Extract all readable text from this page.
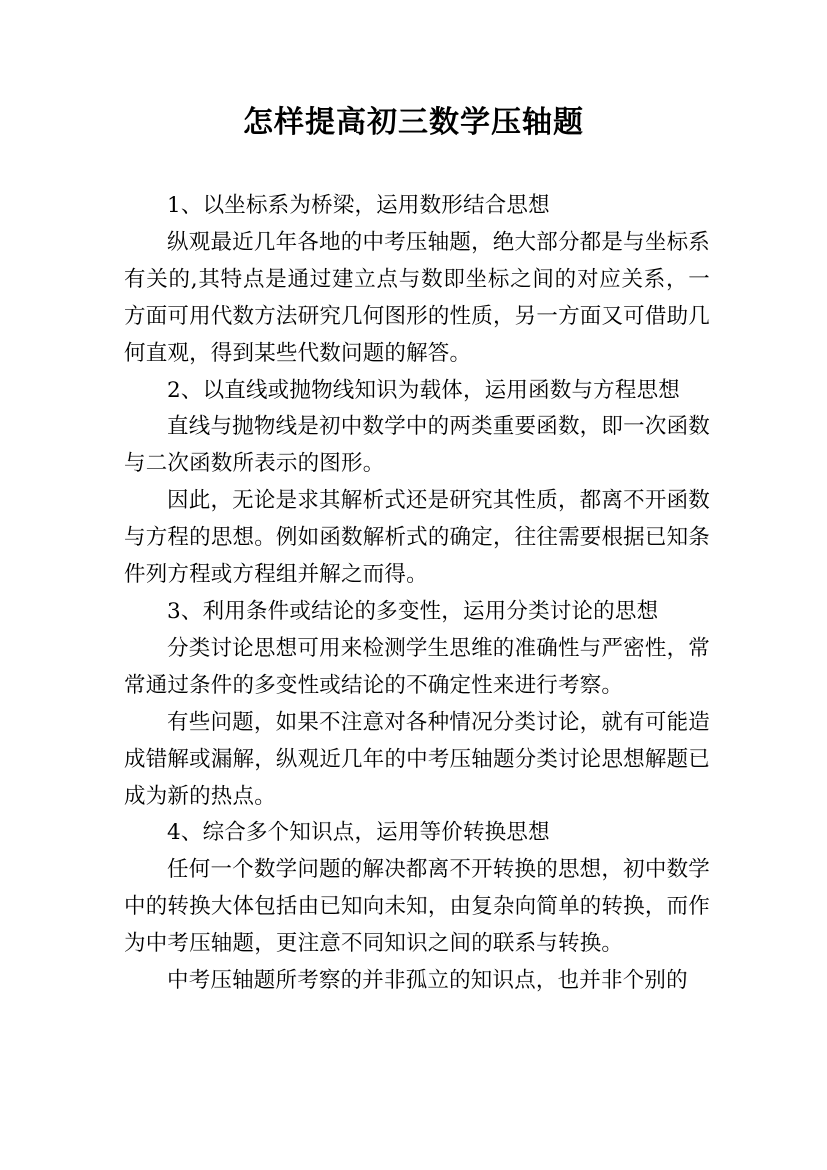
怎样提高初三数学压轴题

1、以坐标系为桥梁，运用数形结合思想

纵观最近几年各地的中考压轴题，绝大部分都是与坐标系有关的,其特点是通过建立点与数即坐标之间的对应关系，一方面可用代数方法研究几何图形的性质，另一方面又可借助几何直观，得到某些代数问题的解答。

2、以直线或抛物线知识为载体，运用函数与方程思想

直线与抛物线是初中数学中的两类重要函数，即一次函数与二次函数所表示的图形。

因此，无论是求其解析式还是研究其性质，都离不开函数与方程的思想。例如函数解析式的确定，往往需要根据已知条件列方程或方程组并解之而得。

3、利用条件或结论的多变性，运用分类讨论的思想

分类讨论思想可用来检测学生思维的准确性与严密性，常常通过条件的多变性或结论的不确定性来进行考察。

有些问题，如果不注意对各种情况分类讨论，就有可能造成错解或漏解，纵观近几年的中考压轴题分类讨论思想解题已成为新的热点。

4、综合多个知识点，运用等价转换思想

任何一个数学问题的解决都离不开转换的思想，初中数学中的转换大体包括由已知向未知，由复杂向简单的转换，而作为中考压轴题，更注意不同知识之间的联系与转换。

中考压轴题所考察的并非孤立的知识点，也并非个别的
